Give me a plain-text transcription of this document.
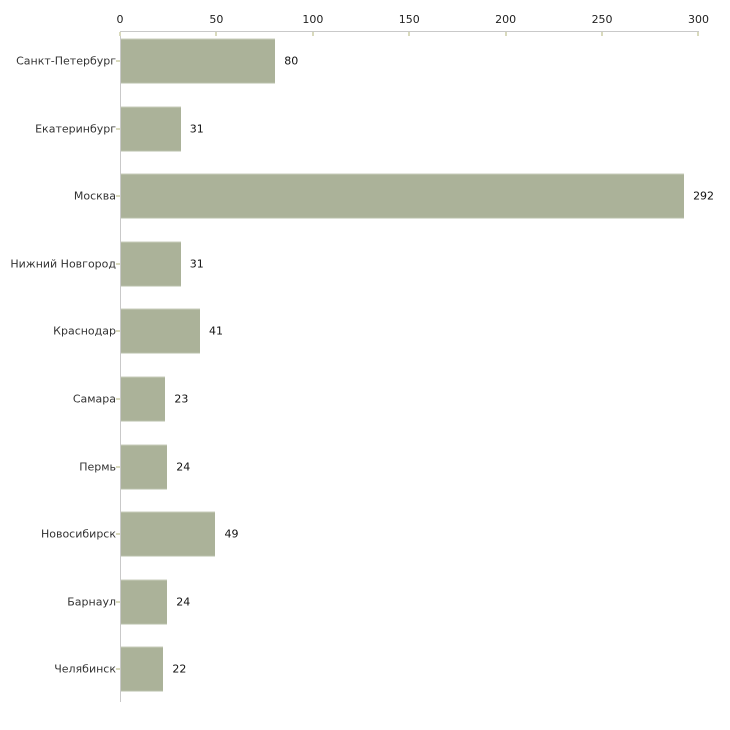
0	50	100	150	200	250	300
Санкт-Петербург	80
Екатеринбург	31
Москва	292
Нижний Новгород	31
Краснодар	41
Самара	23
Пермь	24
Новосибирск	49
Барнаул	24
Челябинск	22
